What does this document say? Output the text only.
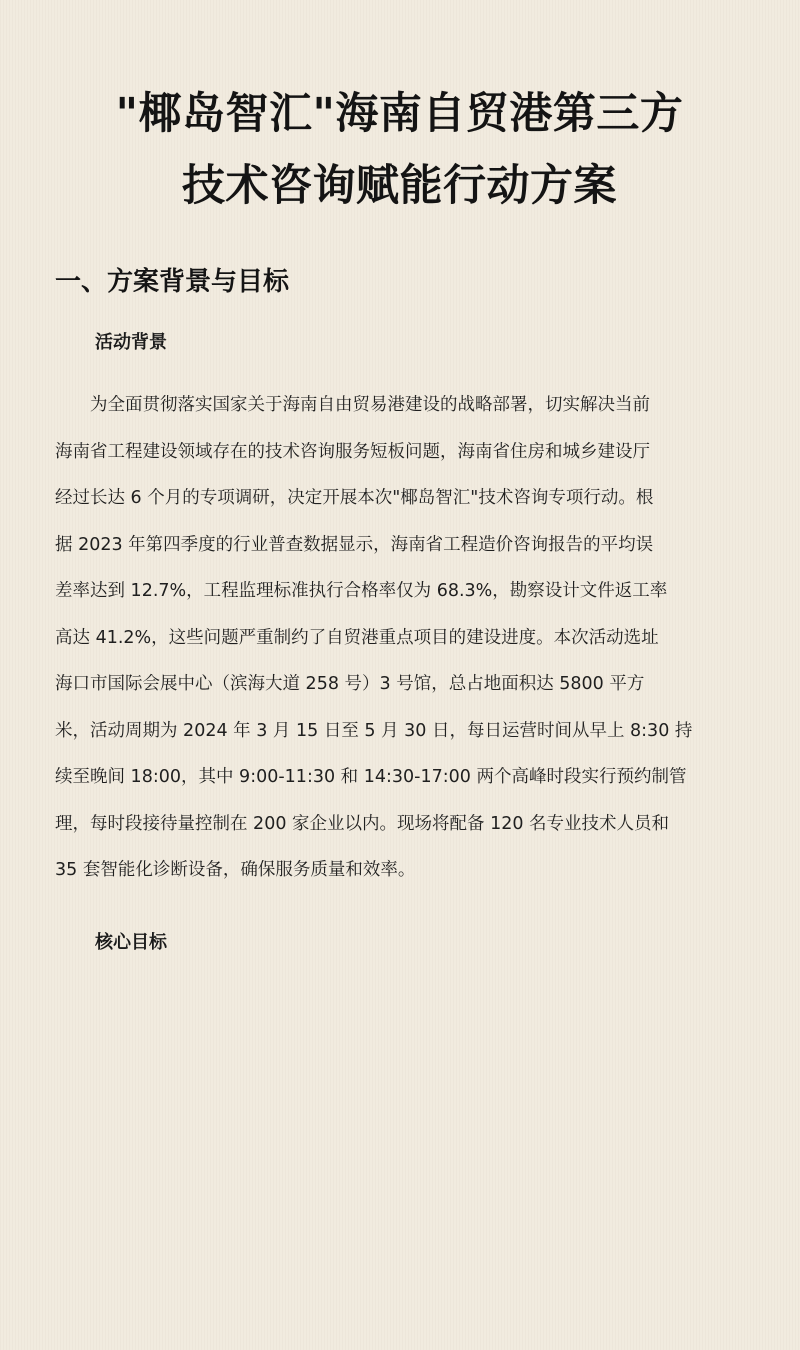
"椰岛智汇"海南自贸港第三方
技术咨询赋能行动方案
一、方案背景与目标
活动背景
　　为全面贯彻落实国家关于海南自由贸易港建设的战略部署，切实解决当前
海南省工程建设领域存在的技术咨询服务短板问题，海南省住房和城乡建设厅
经过长达 6 个月的专项调研，决定开展本次"椰岛智汇"技术咨询专项行动。根
据 2023 年第四季度的行业普查数据显示，海南省工程造价咨询报告的平均误
差率达到 12.7%，工程监理标准执行合格率仅为 68.3%，勘察设计文件返工率
高达 41.2%，这些问题严重制约了自贸港重点项目的建设进度。本次活动选址
海口市国际会展中心（滨海大道 258 号）3 号馆，总占地面积达 5800 平方
米，活动周期为 2024 年 3 月 15 日至 5 月 30 日，每日运营时间从早上 8:30 持
续至晚间 18:00，其中 9:00-11:30 和 14:30-17:00 两个高峰时段实行预约制管
理，每时段接待量控制在 200 家企业以内。现场将配备 120 名专业技术人员和
35 套智能化诊断设备，确保服务质量和效率。
核心目标
